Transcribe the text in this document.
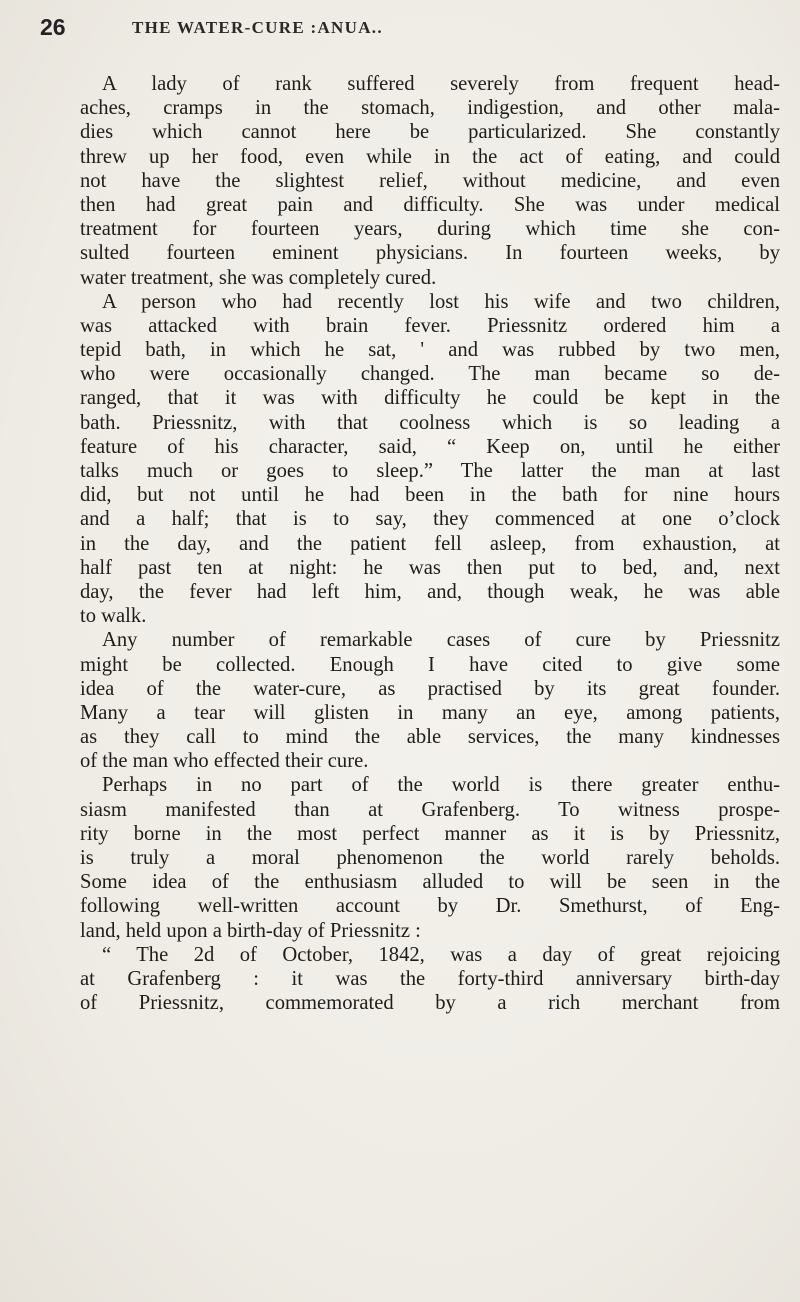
26	THE WATER-CURE :ANUA..
A lady of rank suffered severely from frequent head-
aches, cramps in the stomach, indigestion, and other mala-
dies which cannot here be particularized. She constantly
threw up her food, even while in the act of eating, and could
not have the slightest relief, without medicine, and even
then had great pain and difficulty. She was under medical
treatment for fourteen years, during which time she con-
sulted fourteen eminent physicians. In fourteen weeks, by
water treatment, she was completely cured.
A person who had recently lost his wife and two children,
was attacked with brain fever. Priessnitz ordered him a
tepid bath, in which he sat, ' and was rubbed by two men,
who were occasionally changed. The man became so de-
ranged, that it was with difficulty he could be kept in the
bath. Priessnitz, with that coolness which is so leading a
feature of his character, said, “ Keep on, until he either
talks much or goes to sleep.” The latter the man at last
did, but not until he had been in the bath for nine hours
and a half; that is to say, they commenced at one o’clock
in the day, and the patient fell asleep, from exhaustion, at
half past ten at night: he was then put to bed, and, next
day, the fever had left him, and, though weak, he was able
to walk.
Any number of remarkable cases of cure by Priessnitz
might be collected. Enough I have cited to give some
idea of the water-cure, as practised by its great founder.
Many a tear will glisten in many an eye, among patients,
as they call to mind the able services, the many kindnesses
of the man who effected their cure.
Perhaps in no part of the world is there greater enthu-
siasm manifested than at Grafenberg. To witness prospe-
rity borne in the most perfect manner as it is by Priessnitz,
is truly a moral phenomenon the world rarely beholds.
Some idea of the enthusiasm alluded to will be seen in the
following well-written account by Dr. Smethurst, of Eng-
land, held upon a birth-day of Priessnitz :
“ The 2d of October, 1842, was a day of great rejoicing
at Grafenberg : it was the forty-third anniversary birth-day
of Priessnitz, commemorated by a rich merchant from
